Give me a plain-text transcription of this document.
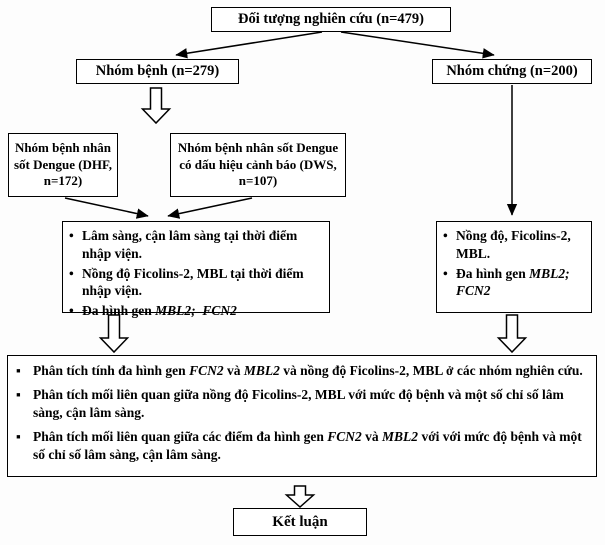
Đối tượng nghiên cứu (n=479)
Nhóm bệnh (n=279)	Nhóm chứng (n=200)
Nhóm bệnh nhân sốt Dengue (DHF, n=172)
Nhóm bệnh nhân sốt Dengue có dấu hiệu cảnh báo (DWS, n=107)
• Lâm sàng, cận lâm sàng tại thời điểm nhập viện.
• Nồng độ Ficolins-2, MBL tại thời điểm nhập viện.
• Đa hình gen MBL2;  FCN2
• Nồng độ, Ficolins-2, MBL.
• Đa hình gen MBL2; FCN2
▪ Phân tích tính đa hình gen FCN2 và MBL2 và nồng độ Ficolins-2, MBL ở các nhóm nghiên cứu.
▪ Phân tích mối liên quan giữa nồng độ Ficolins-2, MBL với mức độ bệnh và một số chỉ số lâm sàng, cận lâm sàng.
▪ Phân tích mối liên quan giữa các điểm đa hình gen FCN2 và MBL2 với với mức độ bệnh và một số chỉ số lâm sàng, cận lâm sàng.
Kết luận
